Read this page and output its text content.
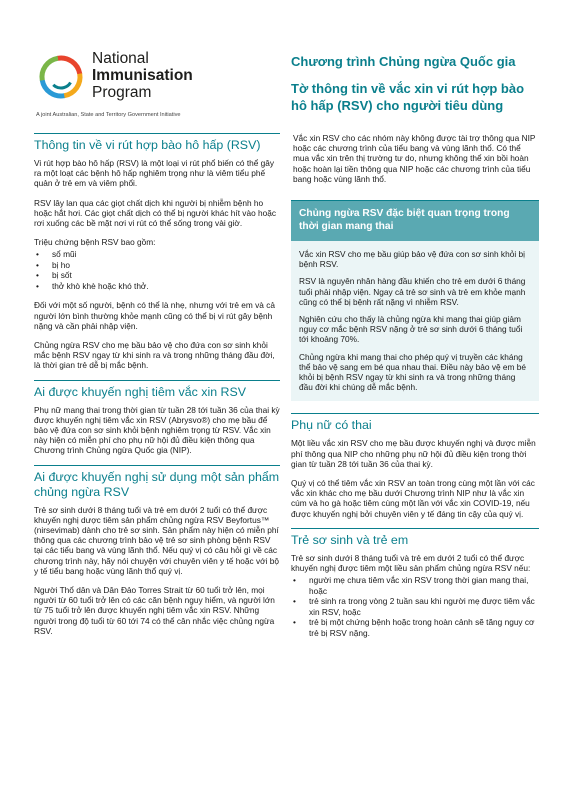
National
Immunisation
Program
A joint Australian, State and Territory Government Initiative
Chương trình Chủng ngừa Quốc gia
Tờ thông tin về vắc xin vi rút hợp bào hô hấp (RSV) cho người tiêu dùng
Thông tin về vi rút hợp bào hô hấp (RSV)

Vi rút hợp bào hô hấp (RSV) là một loại vi rút phổ biến có thể gây ra một loạt các bệnh hô hấp nghiêm trọng như là viêm tiểu phế quản ở trẻ em và viêm phổi.

RSV lây lan qua các giọt chất dịch khi người bị nhiễm bệnh ho hoặc hắt hơi. Các giọt chất dịch có thể bị người khác hít vào hoặc rơi xuống các bề mặt nơi vi rút có thể sống trong vài giờ.

Triệu chứng bệnh RSV bao gồm:

• sổ mũi
• bị ho
• bị sốt
• thở khò khè hoặc khó thở.

Đối với một số người, bệnh có thể là nhẹ, nhưng với trẻ em và cả người lớn bình thường khỏe mạnh cũng có thể bị vi rút gây bệnh nặng và cần phải nhập viện.

Chủng ngừa RSV cho mẹ bầu bảo vệ cho đứa con sơ sinh khỏi mắc bệnh RSV ngay từ khi sinh ra và trong những tháng đầu đời, là thời gian trẻ dễ bị mắc bệnh.

Ai được khuyến nghị tiêm vắc xin RSV

Phụ nữ mang thai trong thời gian từ tuần 28 tới tuần 36 của thai kỳ được khuyến nghị tiêm vắc xin RSV (Abrysvo®) cho mẹ bầu để bảo vệ đứa con sơ sinh khỏi bệnh nghiêm trọng từ RSV. Vắc xin này hiện có miễn phí cho phụ nữ hội đủ điều kiện thông qua Chương trình Chủng ngừa Quốc gia (NIP).

Ai được khuyến nghị sử dụng một sản phẩm chủng ngừa RSV

Trẻ sơ sinh dưới 8 tháng tuổi và trẻ em dưới 2 tuổi có thể được khuyến nghị dược tiêm sản phẩm chủng ngừa RSV Beyfortus™ (nirsevimab) dành cho trẻ sơ sinh. Sản phẩm này hiện có miễn phí thông qua các chương trình bảo vệ trẻ sơ sinh phòng bệnh RSV tại các tiểu bang và vùng lãnh thổ. Nếu quý vị có câu hỏi gì về các chương trình này, hãy nói chuyện với chuyên viên y tế hoặc với bộ y tế tiểu bang hoặc vùng lãnh thổ quý vị.

Người Thổ dân và Dân Đảo Torres Strait từ 60 tuổi trở lên, mọi người từ 60 tuổi trở lên có các căn bệnh nguy hiểm, và người lớn từ 75 tuổi trở lên được khuyến nghị tiêm vắc xin RSV. Những người trong độ tuổi từ 60 tới 74 có thể cân nhắc việc chủng ngừa RSV.

Vắc xin RSV cho các nhóm này không được tài trợ thông qua NIP hoặc các chương trình của tiểu bang và vùng lãnh thổ. Có thể mua vắc xin trên thị trường tư do, nhưng không thể xin bồi hoàn hoặc hoàn lại tiền thông qua NIP hoặc các chương trình của tiểu bang hoặc vùng lãnh thổ.

Chủng ngừa RSV đặc biệt quan trọng trong thời gian mang thai

Vắc xin RSV cho mẹ bầu giúp bảo vệ đứa con sơ sinh khỏi bị bệnh RSV.

RSV là nguyên nhân hàng đầu khiến cho trẻ em dưới 6 tháng tuổi phải nhập viện. Ngay cả trẻ sơ sinh và trẻ em khỏe mạnh cũng có thể bị bệnh rất nặng vì nhiễm RSV.

Nghiên cứu cho thấy là chủng ngừa khi mang thai giúp giảm nguy cơ mắc bệnh RSV nặng ở trẻ sơ sinh dưới 6 tháng tuổi tới khoảng 70%.

Chủng ngừa khi mang thai cho phép quý vị truyền các kháng thể bảo vệ sang em bé qua nhau thai. Điều này bảo vệ em bé khỏi bị bệnh RSV ngay từ khi sinh ra và trong những tháng đầu đời khi chúng dễ mắc bệnh.

Phụ nữ có thai

Một liều vắc xin RSV cho mẹ bầu được khuyến nghị và được miễn phí thông qua NIP cho những phụ nữ hội đủ điều kiện trong thời gian từ tuần 28 tới tuần 36 của thai kỳ.

Quý vị có thể tiêm vắc xin RSV an toàn trong cùng một lần với các vắc xin khác cho mẹ bầu dưới Chương trình NIP như là vắc xin cúm và ho gà hoặc tiêm cùng một lần với vắc xin COVID-19, nếu được khuyến nghị bởi chuyên viên y tế đáng tin cậy của quý vị.

Trẻ sơ sinh và trẻ em

Trẻ sơ sinh dưới 8 tháng tuổi và trẻ em dưới 2 tuổi có thể được khuyến nghị được tiêm một liều sản phẩm chủng ngừa RSV nếu:

• người mẹ chưa tiêm vắc xin RSV trong thời gian mang thai, hoặc
• trẻ sinh ra trong vòng 2 tuần sau khi người mẹ được tiêm vắc xin RSV, hoặc
• trẻ bị một chứng bệnh hoặc trong hoàn cảnh sẽ tăng nguy cơ trẻ bị RSV nặng.
